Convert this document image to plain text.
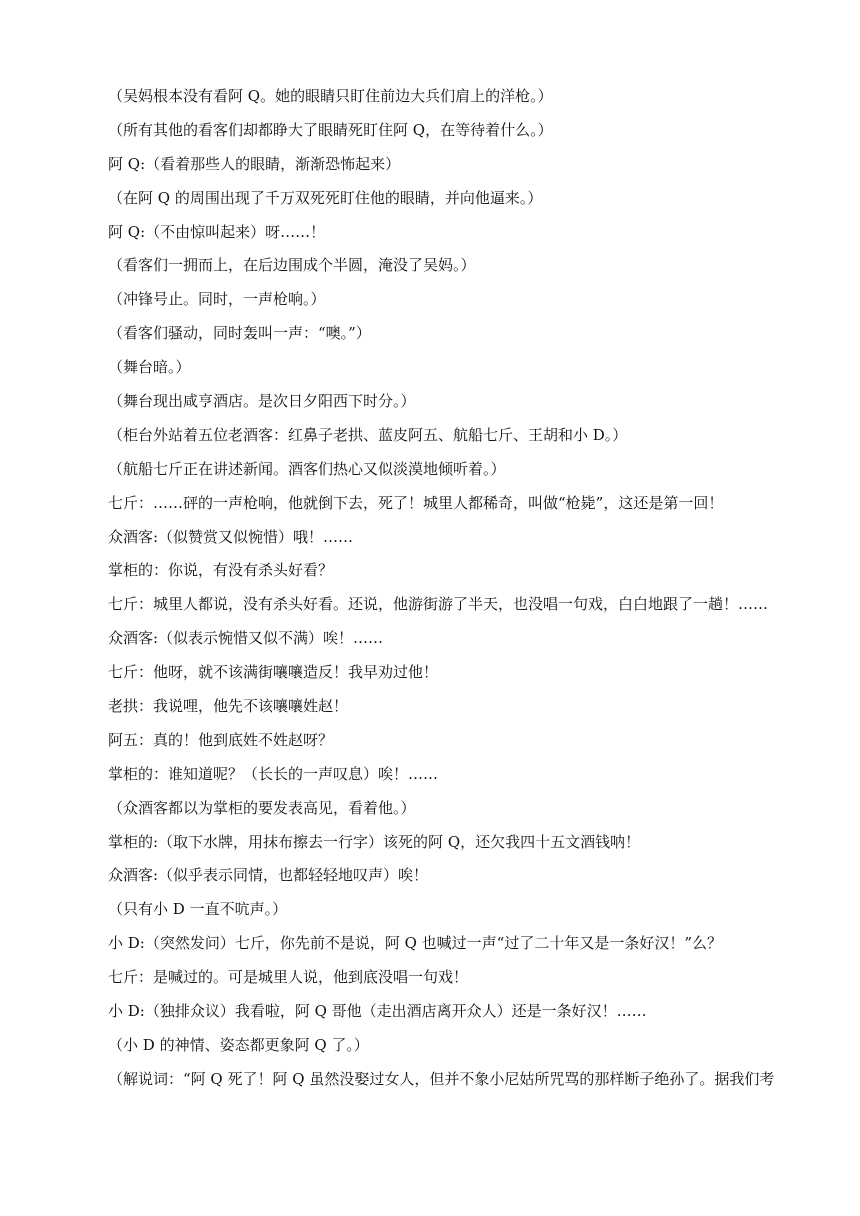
（吴妈根本没有看阿 Q。她的眼睛只盯住前边大兵们肩上的洋枪。）
（所有其他的看客们却都睁大了眼睛死盯住阿 Q，在等待着什么。）
阿 Q:（看着那些人的眼睛，渐渐恐怖起来）
（在阿 Q 的周围出现了千万双死死盯住他的眼睛，并向他逼来。）
阿 Q:（不由惊叫起来）呀……！
（看客们一拥而上，在后边围成个半圆，淹没了吴妈。）
（冲锋号止。同时，一声枪响。）
（看客们骚动，同时轰叫一声：“噢。”）
（舞台暗。）
（舞台现出咸亨酒店。是次日夕阳西下时分。）
（柜台外站着五位老酒客：红鼻子老拱、蓝皮阿五、航船七斤、王胡和小 D。）
（航船七斤正在讲述新闻。酒客们热心又似淡漠地倾听着。）
七斤：……砰的一声枪响，他就倒下去，死了！城里人都稀奇，叫做“枪毙”，这还是第一回！
众酒客:（似赞赏又似惋惜）哦！……
掌柜的：你说，有没有杀头好看？
七斤：城里人都说，没有杀头好看。还说，他游街游了半天，也没唱一句戏，白白地跟了一趟！……
众酒客:（似表示惋惜又似不满）唉！……
七斤：他呀，就不该满街嚷嚷造反！我早劝过他！
老拱：我说哩，他先不该嚷嚷姓赵！
阿五：真的！他到底姓不姓赵呀？
掌柜的：谁知道呢？（长长的一声叹息）唉！……
（众酒客都以为掌柜的要发表高见，看着他。）
掌柜的:（取下水牌，用抹布擦去一行字）该死的阿 Q，还欠我四十五文酒钱呐！
众酒客:（似乎表示同情，也都轻轻地叹声）唉！
（只有小 D 一直不吭声。）
小 D:（突然发问）七斤，你先前不是说，阿 Q 也喊过一声“过了二十年又是一条好汉！”么？
七斤：是喊过的。可是城里人说，他到底没唱一句戏！
小 D:（独排众议）我看啦，阿 Q 哥他（走出酒店离开众人）还是一条好汉！……
（小 D 的神情、姿态都更象阿 Q 了。）
（解说词：“阿 Q 死了！阿 Q 虽然没娶过女人，但并不象小尼姑所咒骂的那样断子绝孙了。据我们考
